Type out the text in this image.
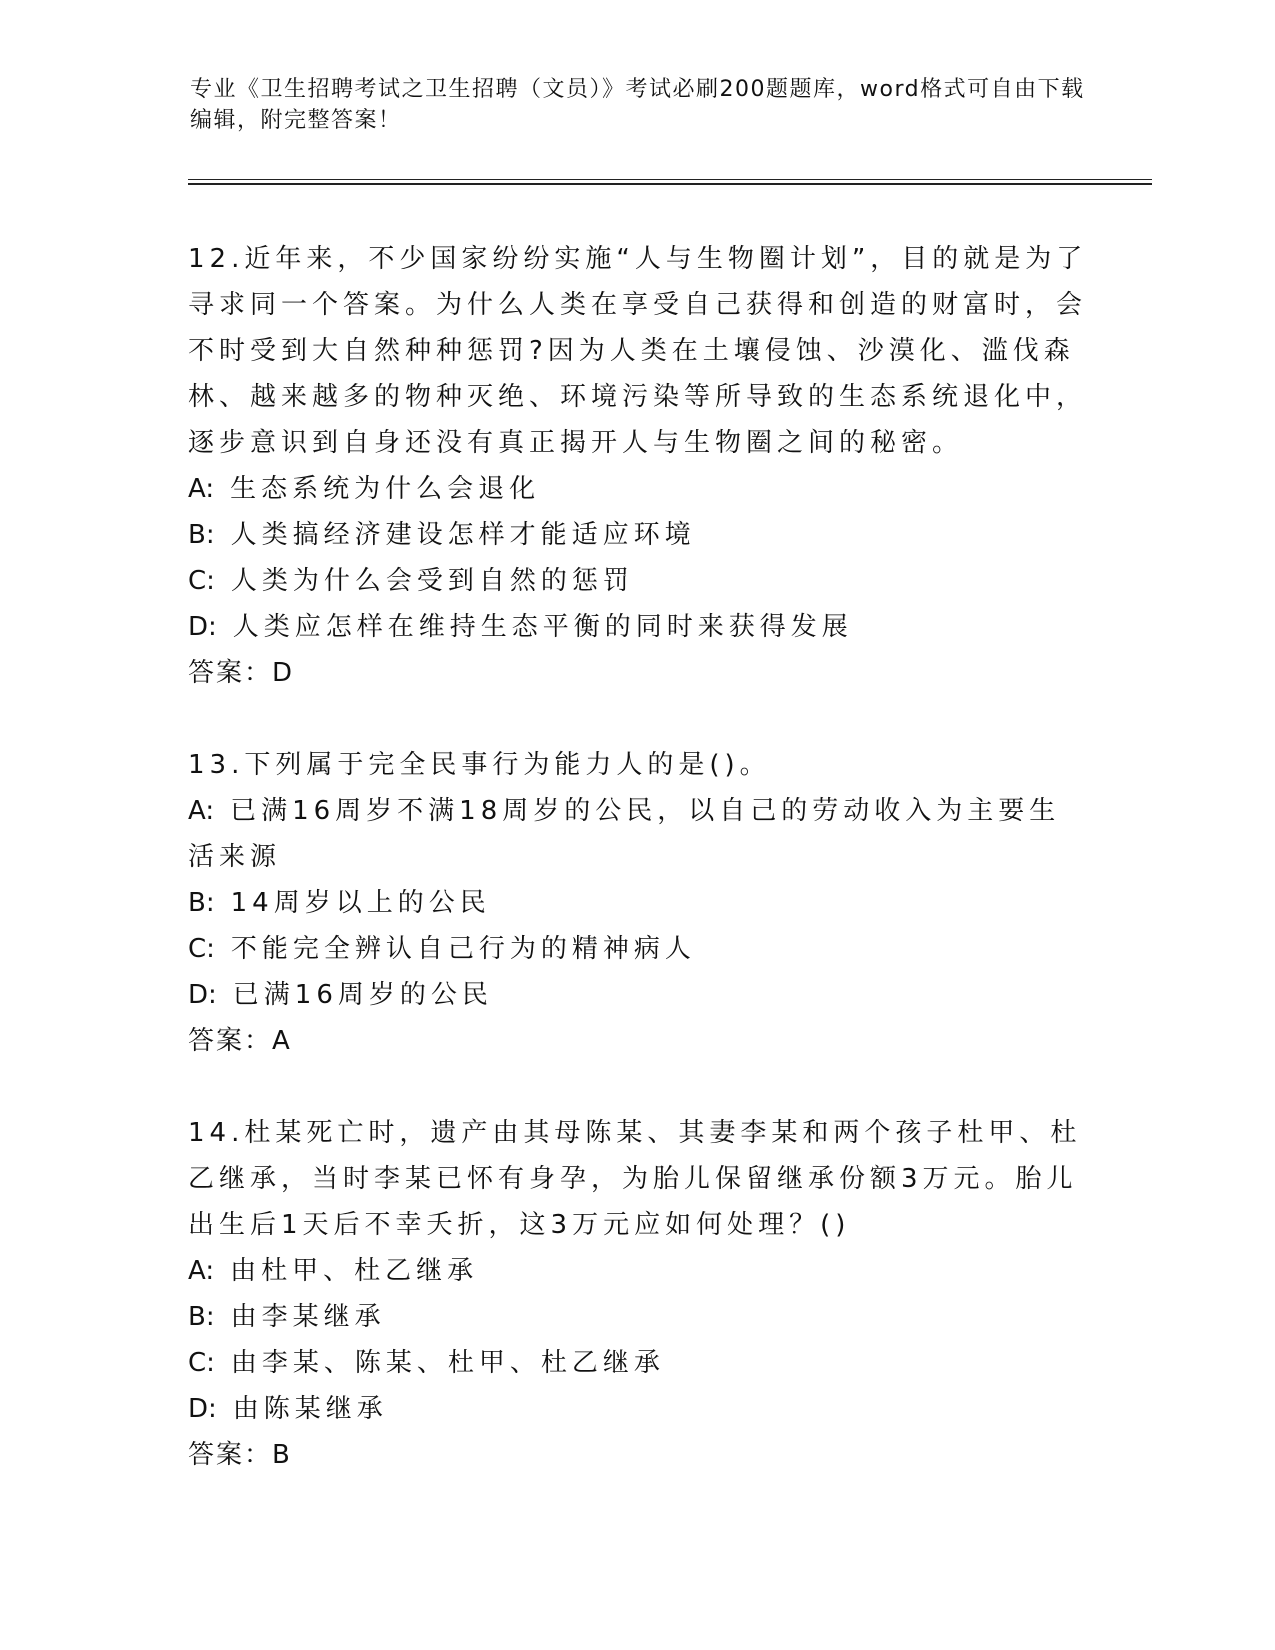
专业《卫生招聘考试之卫生招聘（文员）》考试必刷200题题库，word格式可自由下载编辑，附完整答案！
12.近年来，不少国家纷纷实施“人与生物圈计划”，目的就是为了寻求同一个答案。为什么人类在享受自己获得和创造的财富时，会不时受到大自然种种惩罚?因为人类在土壤侵蚀、沙漠化、滥伐森林、越来越多的物种灭绝、环境污染等所导致的生态系统退化中，逐步意识到自身还没有真正揭开人与生物圈之间的秘密。
A: 生态系统为什么会退化
B: 人类搞经济建设怎样才能适应环境
C: 人类为什么会受到自然的惩罚
D: 人类应怎样在维持生态平衡的同时来获得发展
答案：D
13.下列属于完全民事行为能力人的是()。
A: 已满16周岁不满18周岁的公民，以自己的劳动收入为主要生活来源
B: 14周岁以上的公民
C: 不能完全辨认自己行为的精神病人
D: 已满16周岁的公民
答案：A
14.杜某死亡时，遗产由其母陈某、其妻李某和两个孩子杜甲、杜乙继承，当时李某已怀有身孕，为胎儿保留继承份额3万元。胎儿出生后1天后不幸夭折，这3万元应如何处理？()
A: 由杜甲、杜乙继承
B: 由李某继承
C: 由李某、陈某、杜甲、杜乙继承
D: 由陈某继承
答案：B
